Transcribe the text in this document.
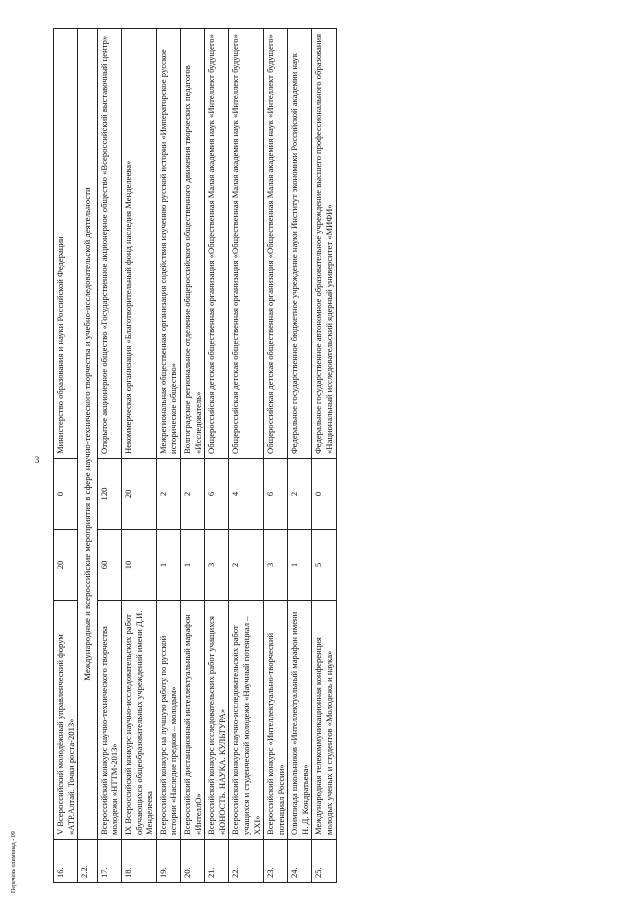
3
16.	V Всероссийский молодёжный управленческий форум «АТР.Алтай. Точки роста-2013»	20	0	Министерство образования и науки Российской Федерации
2.2.	Международные и всероссийские мероприятия в сфере научно-технического творчества и учебно-исследовательской деятельности			
17.	Всероссийский конкурс научно-технического творчества молодежи «НТТМ-2013»	60	120	Открытое акционерное общество «Государственное акционерное общество «Всероссийский выставочный центр»
18.	IX Всероссийский конкурс научно-исследовательских работ обучающихся общеобразовательных учреждений имени Д.И. Менделеева	10	20	Некоммерческая организация «Благотворительный фонд наследия Менделеева»
19.	Всероссийский конкурс на лучшую работу по русской истории «Наследие предков – молодым»	1	2	Межрегиональная общественная организация содействия изучению русской истории «Императорское русское историческое общество»
20.	Всероссийский дистанционный интеллектуальный марафон «ИнтеллО»	1	2	Волгоградское региональное отделение общероссийского общественного движения творческих педагогов «Исследователь»
21.	Всероссийский конкурс исследовательских работ учащихся «ЮНОСТЬ. НАУКА. КУЛЬТУРА»	3	6	Общероссийская детская общественная организация «Общественная Малая академия наук «Интеллект будущего»
22.	Всероссийский конкурс научно-исследовательских работ учащихся и студенческой молодежи «Научный потенциал – XXI»	2	4	Общероссийская детская общественная организация «Общественная Малая академия наук «Интеллект будущего»
23.	Всероссийский конкурс «Интеллектуально-творческий потенциал России»	3	6	Общероссийская детская общественная организация «Общественная Малая академия наук «Интеллект будущего»
24.	Олимпиада школьников «Интеллектуальный марафон имени Н. Д. Кондратьева»	1	2	Федеральное государственное бюджетное учреждение науки Институт экономики Российской академии наук
25.	Международная телекоммуникационная конференция молодых ученых и студентов «Молодежь и наука»	5	0	Федеральное государственное автономное образовательное учреждение высшего профессионального образования «Национальный исследовательский ядерный университет «МИФИ»
Перечень олимпиад - 09
